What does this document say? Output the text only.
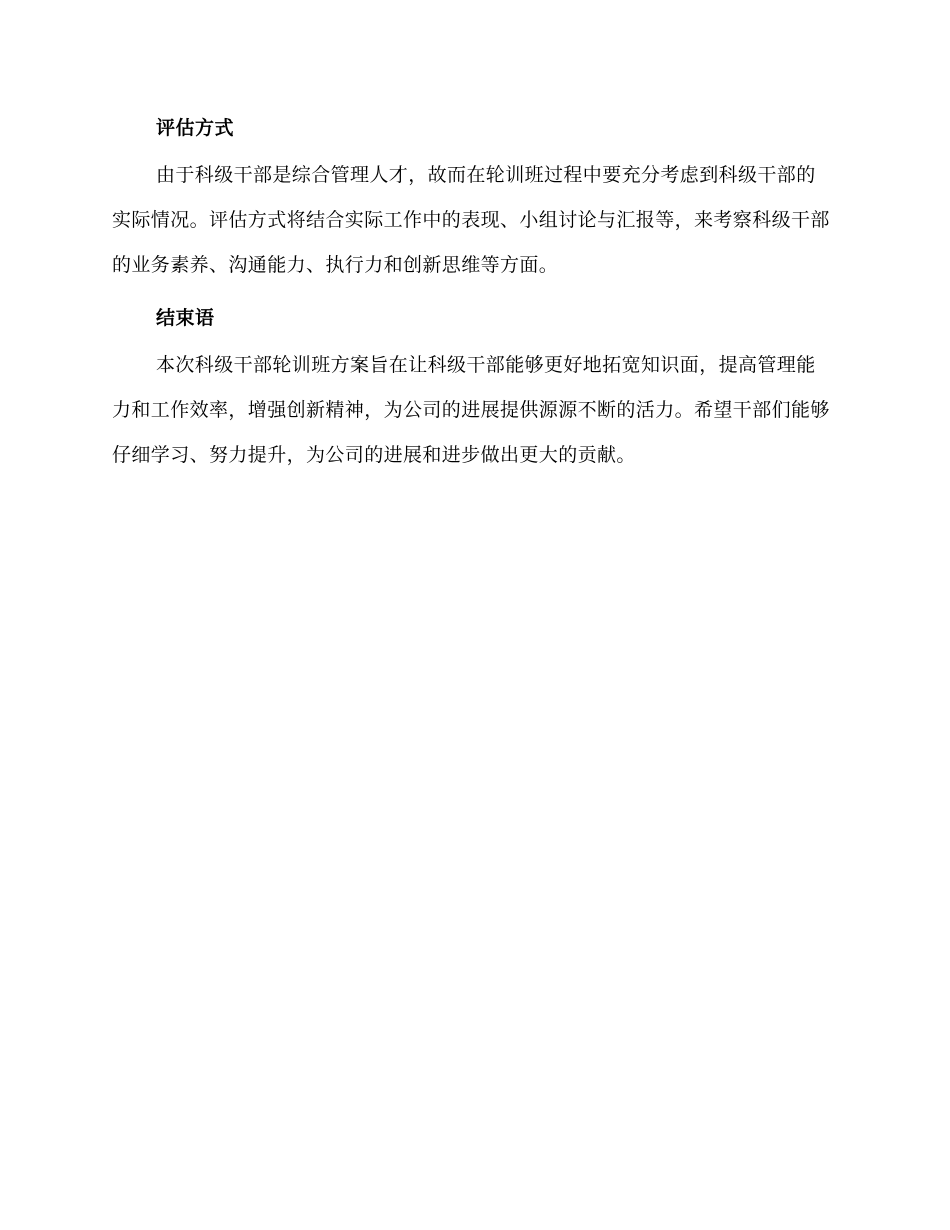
评估方式

由于科级干部是综合管理人才，故而在轮训班过程中要充分考虑到科级干部的实际情况。评估方式将结合实际工作中的表现、小组讨论与汇报等，来考察科级干部的业务素养、沟通能力、执行力和创新思维等方面。

结束语

本次科级干部轮训班方案旨在让科级干部能够更好地拓宽知识面，提高管理能力和工作效率，增强创新精神，为公司的进展提供源源不断的活力。希望干部们能够仔细学习、努力提升，为公司的进展和进步做出更大的贡献。
